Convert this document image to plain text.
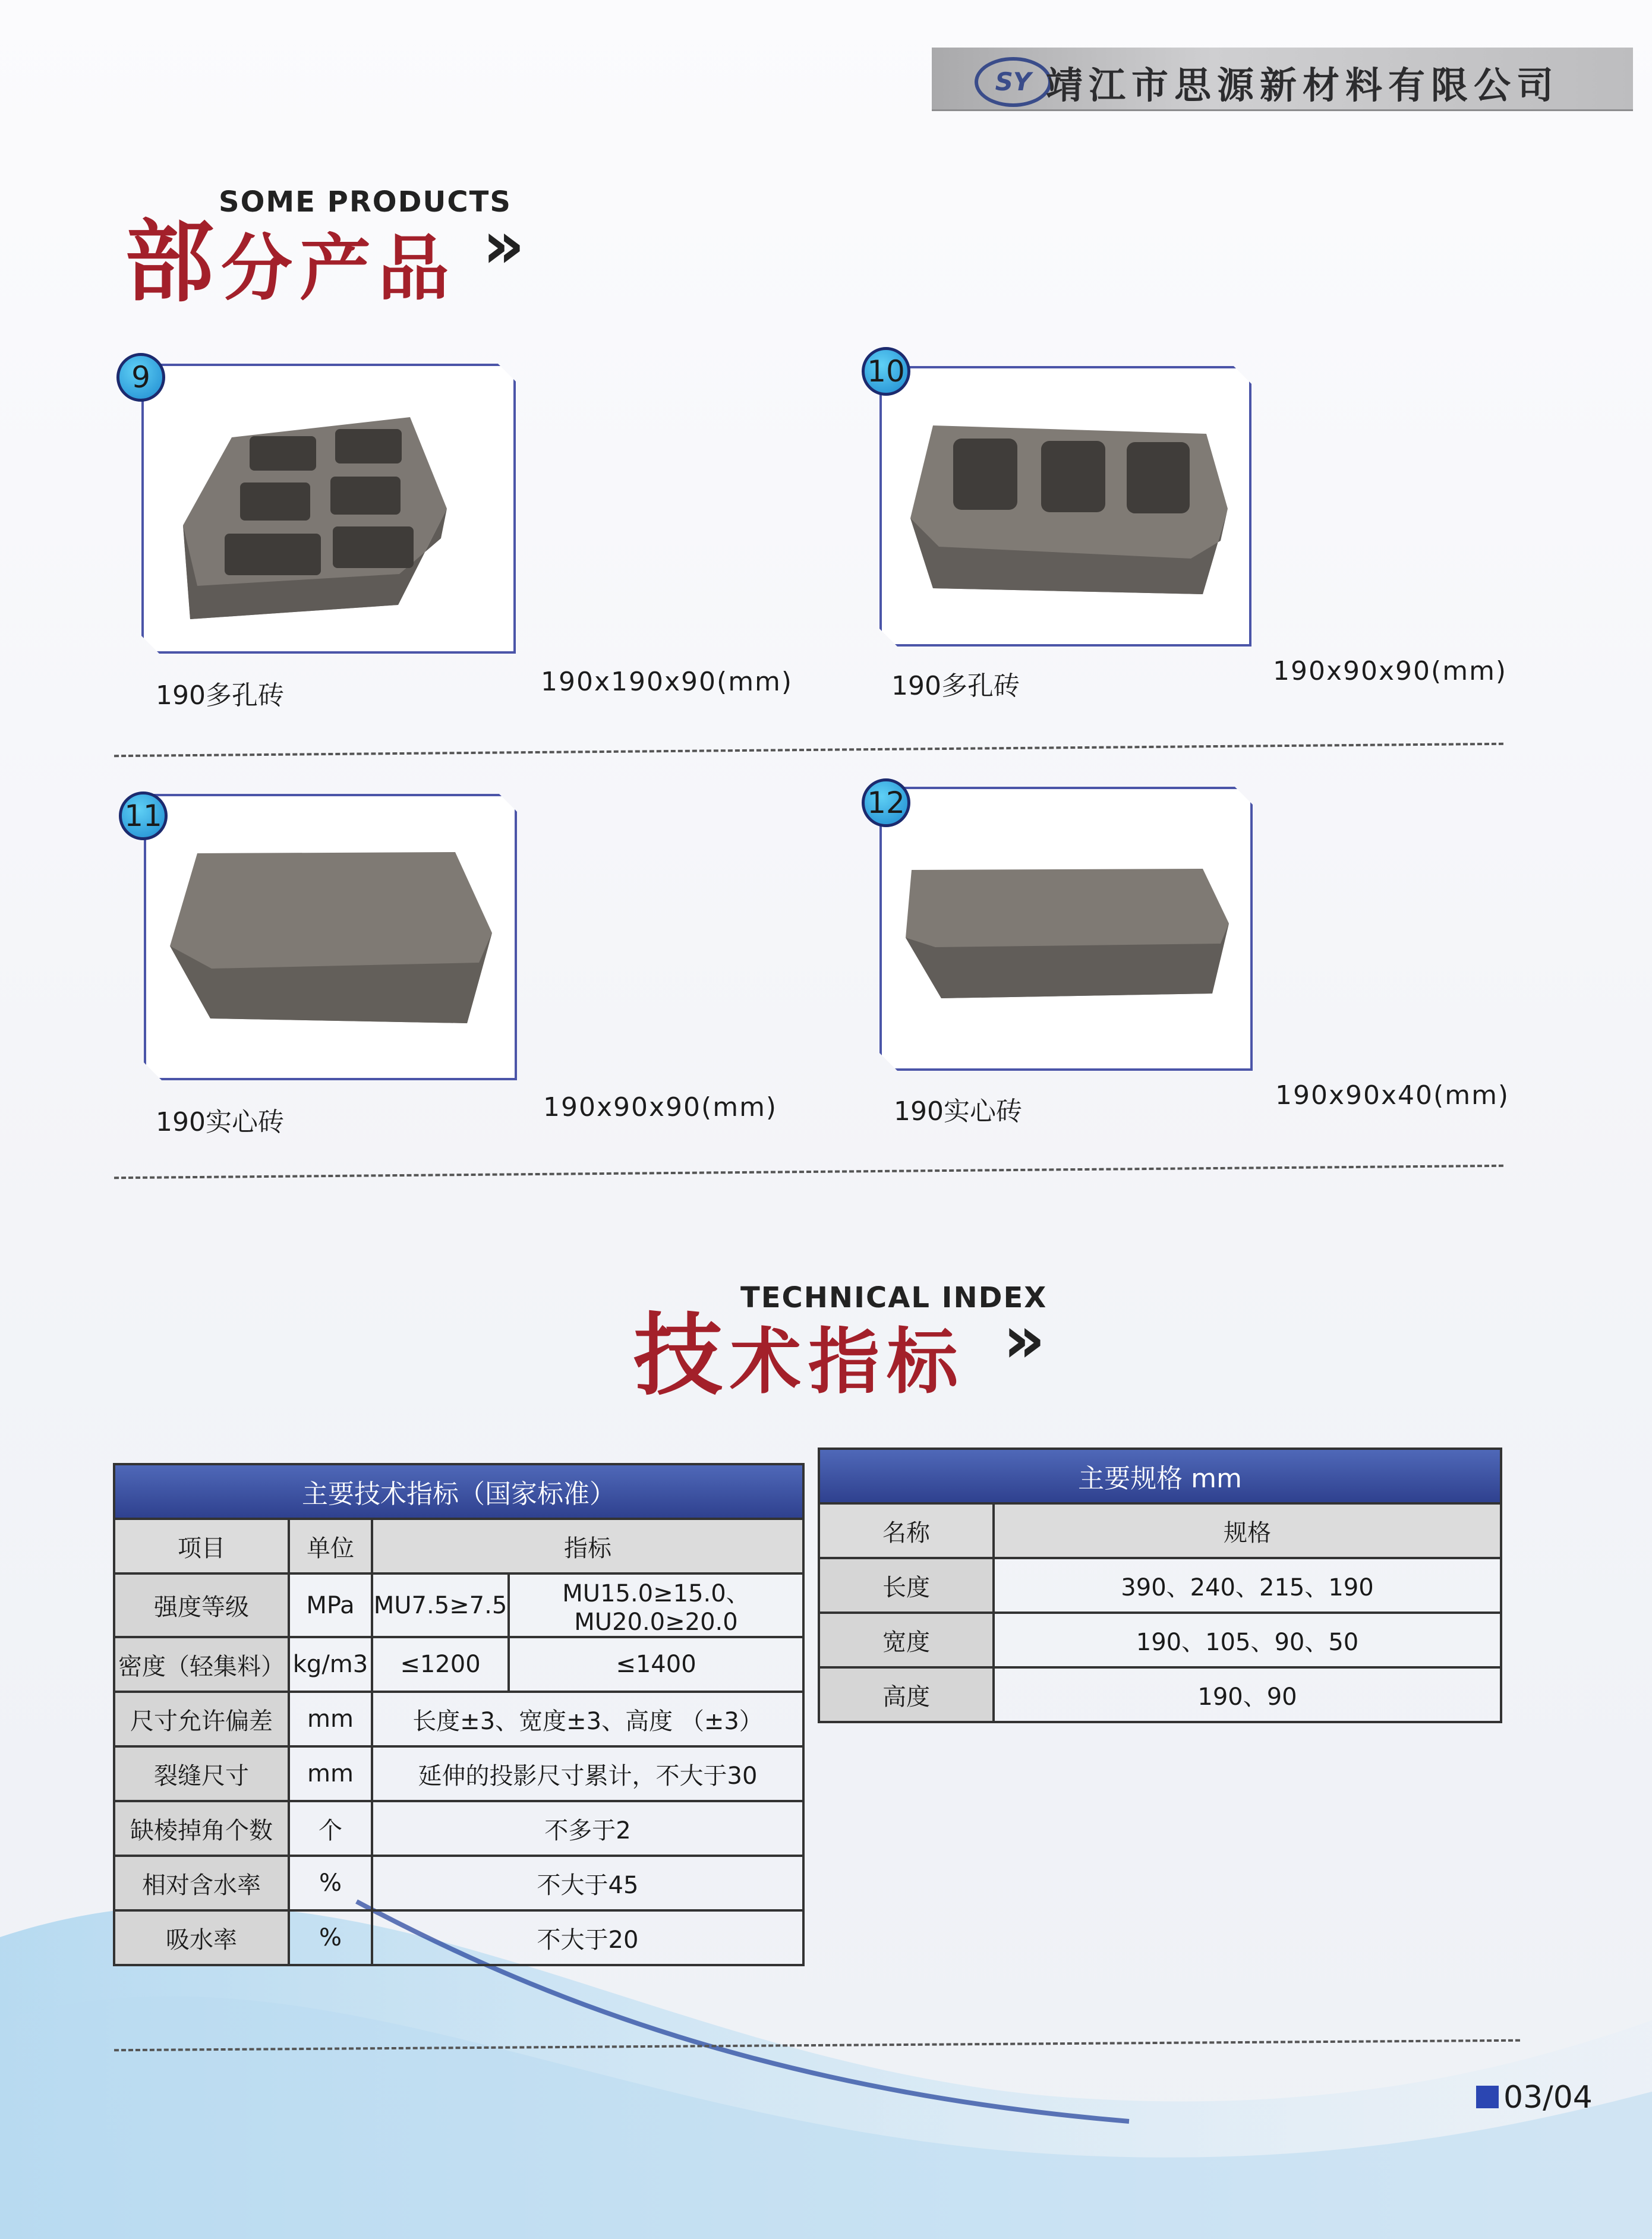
SY 靖江市思源新材料有限公司
部分产品
SOME PRODUCTS
»
9
190多孔砖	190x190x90(mm)
10
190多孔砖	190x90x90(mm)
11
190实心砖	190x90x90(mm)
12
190实心砖
190x90x40(mm)
技术指标
TECHNICAL INDEX
»
主要技术指标（国家标准）			
项目	单位	指标	
强度等级	MPa	MU7.5≥7.5	MU15.0≥15.0、MU20.0≥20.0
密度（轻集料）	kg/m3	≤1200	≤1400
尺寸允许偏差	mm	长度±3、宽度±3、高度 （±3）	
裂缝尺寸	mm	延伸的投影尺寸累计，不大于30	
缺棱掉角个数	个	不多于2	
相对含水率	%	不大于45	
吸水率	%	不大于20	
主要规格 mm	
名称	规格
长度	390、240、215、190
宽度	190、105、90、50
高度	190、90
03/04
